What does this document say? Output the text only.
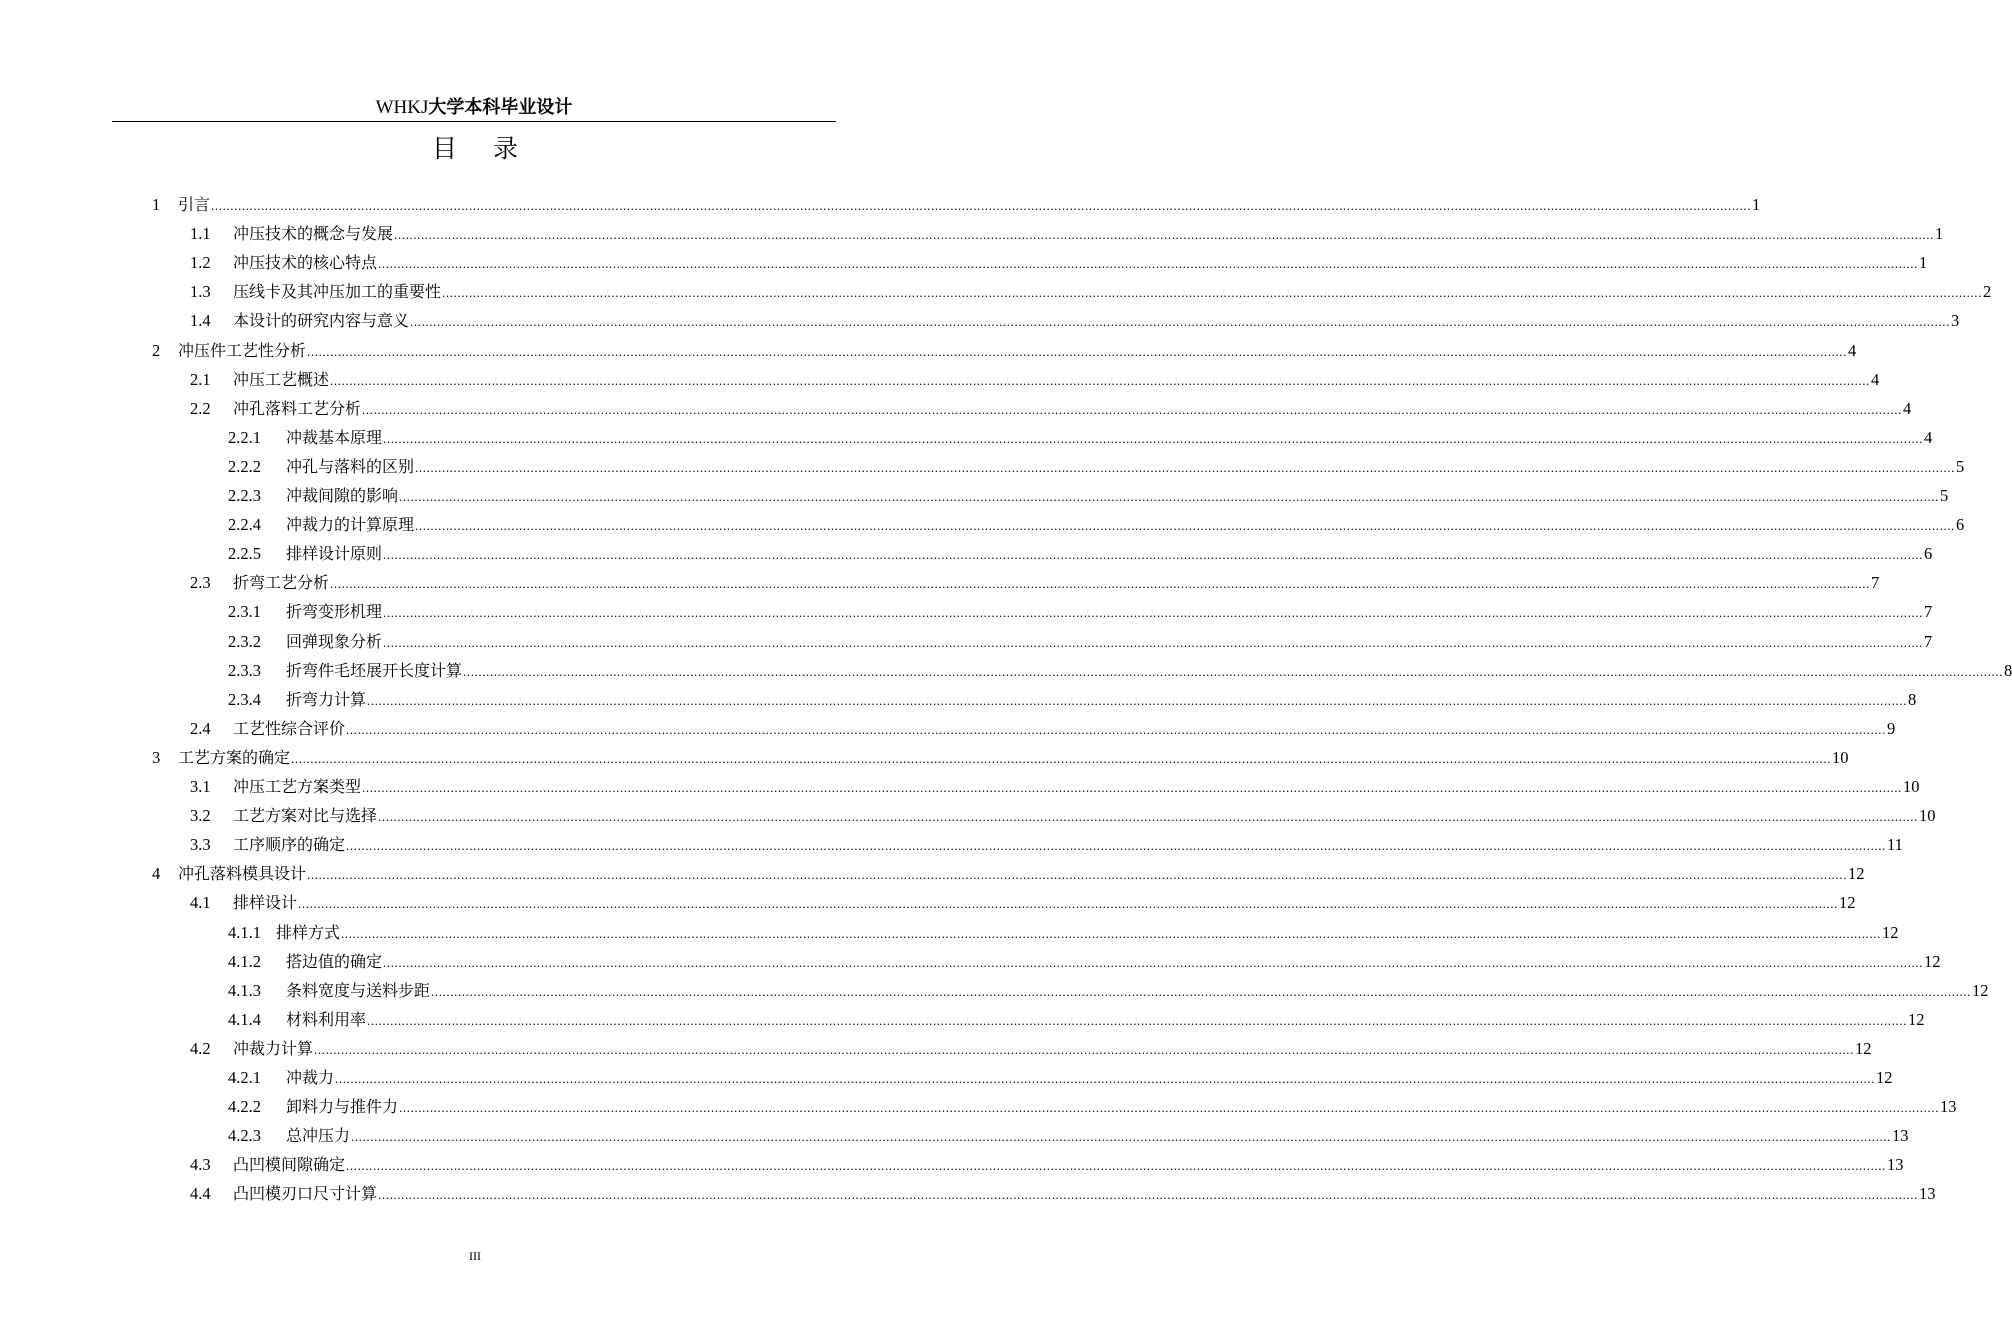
WHKJ大学本科毕业设计
目 录
1	引言 ................................................................................................................................................................................................................................................................................................................................................................................................................ 1
1.1	冲压技术的概念与发展 ................................................................................................................................................................................................................................................................................................................................................................................................................ 1
1.2	冲压技术的核心特点 ................................................................................................................................................................................................................................................................................................................................................................................................................ 1
1.3	压线卡及其冲压加工的重要性 ................................................................................................................................................................................................................................................................................................................................................................................................................ 2
1.4	本设计的研究内容与意义 ................................................................................................................................................................................................................................................................................................................................................................................................................ 3
2	冲压件工艺性分析 ................................................................................................................................................................................................................................................................................................................................................................................................................ 4
2.1	冲压工艺概述 ................................................................................................................................................................................................................................................................................................................................................................................................................ 4
2.2	冲孔落料工艺分析 ................................................................................................................................................................................................................................................................................................................................................................................................................ 4
2.2.1	冲裁基本原理 ................................................................................................................................................................................................................................................................................................................................................................................................................ 4
2.2.2	冲孔与落料的区别 ................................................................................................................................................................................................................................................................................................................................................................................................................ 5
2.2.3	冲裁间隙的影响 ................................................................................................................................................................................................................................................................................................................................................................................................................ 5
2.2.4	冲裁力的计算原理 ................................................................................................................................................................................................................................................................................................................................................................................................................ 6
2.2.5	排样设计原则 ................................................................................................................................................................................................................................................................................................................................................................................................................ 6
2.3	折弯工艺分析 ................................................................................................................................................................................................................................................................................................................................................................................................................ 7
2.3.1	折弯变形机理 ................................................................................................................................................................................................................................................................................................................................................................................................................ 7
2.3.2	回弹现象分析 ................................................................................................................................................................................................................................................................................................................................................................................................................ 7
2.3.3	折弯件毛坯展开长度计算 ................................................................................................................................................................................................................................................................................................................................................................................................................ 8
2.3.4	折弯力计算 ................................................................................................................................................................................................................................................................................................................................................................................................................ 8
2.4	工艺性综合评价 ................................................................................................................................................................................................................................................................................................................................................................................................................ 9
3	工艺方案的确定 ................................................................................................................................................................................................................................................................................................................................................................................................................ 10
3.1	冲压工艺方案类型 ................................................................................................................................................................................................................................................................................................................................................................................................................ 10
3.2	工艺方案对比与选择 ................................................................................................................................................................................................................................................................................................................................................................................................................ 10
3.3	工序顺序的确定 ................................................................................................................................................................................................................................................................................................................................................................................................................ 11
4	冲孔落料模具设计 ................................................................................................................................................................................................................................................................................................................................................................................................................ 12
4.1	排样设计 ................................................................................................................................................................................................................................................................................................................................................................................................................ 12
4.1.1 排样方式 ................................................................................................................................................................................................................................................................................................................................................................................................................ 12
4.1.2	搭边值的确定 ................................................................................................................................................................................................................................................................................................................................................................................................................ 12
4.1.3	条料宽度与送料步距 ................................................................................................................................................................................................................................................................................................................................................................................................................ 12
4.1.4	材料利用率 ................................................................................................................................................................................................................................................................................................................................................................................................................ 12
4.2	冲裁力计算 ................................................................................................................................................................................................................................................................................................................................................................................................................ 12
4.2.1	冲裁力 ................................................................................................................................................................................................................................................................................................................................................................................................................ 12
4.2.2	卸料力与推件力 ................................................................................................................................................................................................................................................................................................................................................................................................................ 13
4.2.3	总冲压力 ................................................................................................................................................................................................................................................................................................................................................................................................................ 13
4.3	凸凹模间隙确定 ................................................................................................................................................................................................................................................................................................................................................................................................................ 13
4.4	凸凹模刃口尺寸计算 ................................................................................................................................................................................................................................................................................................................................................................................................................ 13
III
